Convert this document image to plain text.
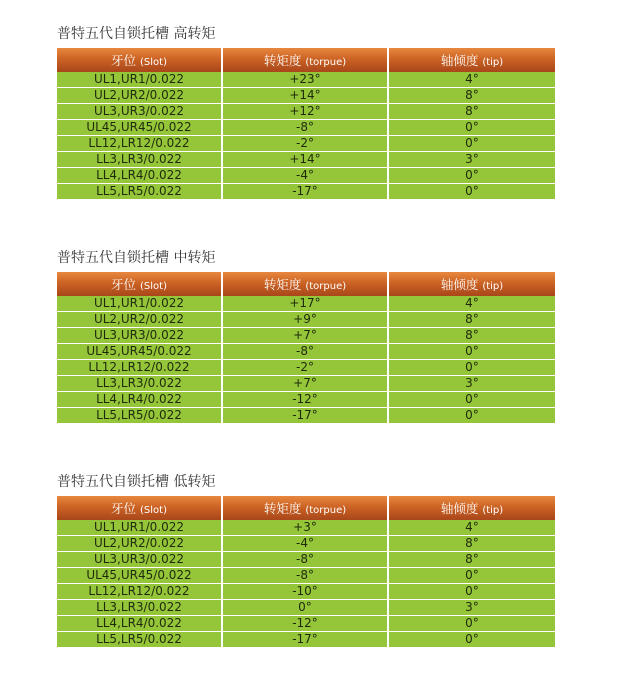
普特五代自锁托槽 高转矩
牙位 (Slot)	转矩度 (torpue)	轴倾度 (tip)
UL1,UR1/0.022	+23°	4°
UL2,UR2/0.022	+14°	8°
UL3,UR3/0.022	+12°	8°
UL45,UR45/0.022	-8°	0°
LL12,LR12/0.022	-2°	0°
LL3,LR3/0.022	+14°	3°
LL4,LR4/0.022	-4°	0°
LL5,LR5/0.022	-17°	0°
普特五代自锁托槽 中转矩
牙位 (Slot)	转矩度 (torpue)	轴倾度 (tip)
UL1,UR1/0.022	+17°	4°
UL2,UR2/0.022	+9°	8°
UL3,UR3/0.022	+7°	8°
UL45,UR45/0.022	-8°	0°
LL12,LR12/0.022	-2°	0°
LL3,LR3/0.022	+7°	3°
LL4,LR4/0.022	-12°	0°
LL5,LR5/0.022	-17°	0°
普特五代自锁托槽 低转矩
牙位 (Slot)	转矩度 (torpue)	轴倾度 (tip)
UL1,UR1/0.022	+3°	4°
UL2,UR2/0.022	-4°	8°
UL3,UR3/0.022	-8°	8°
UL45,UR45/0.022	-8°	0°
LL12,LR12/0.022	-10°	0°
LL3,LR3/0.022	0°	3°
LL4,LR4/0.022	-12°	0°
LL5,LR5/0.022	-17°	0°
